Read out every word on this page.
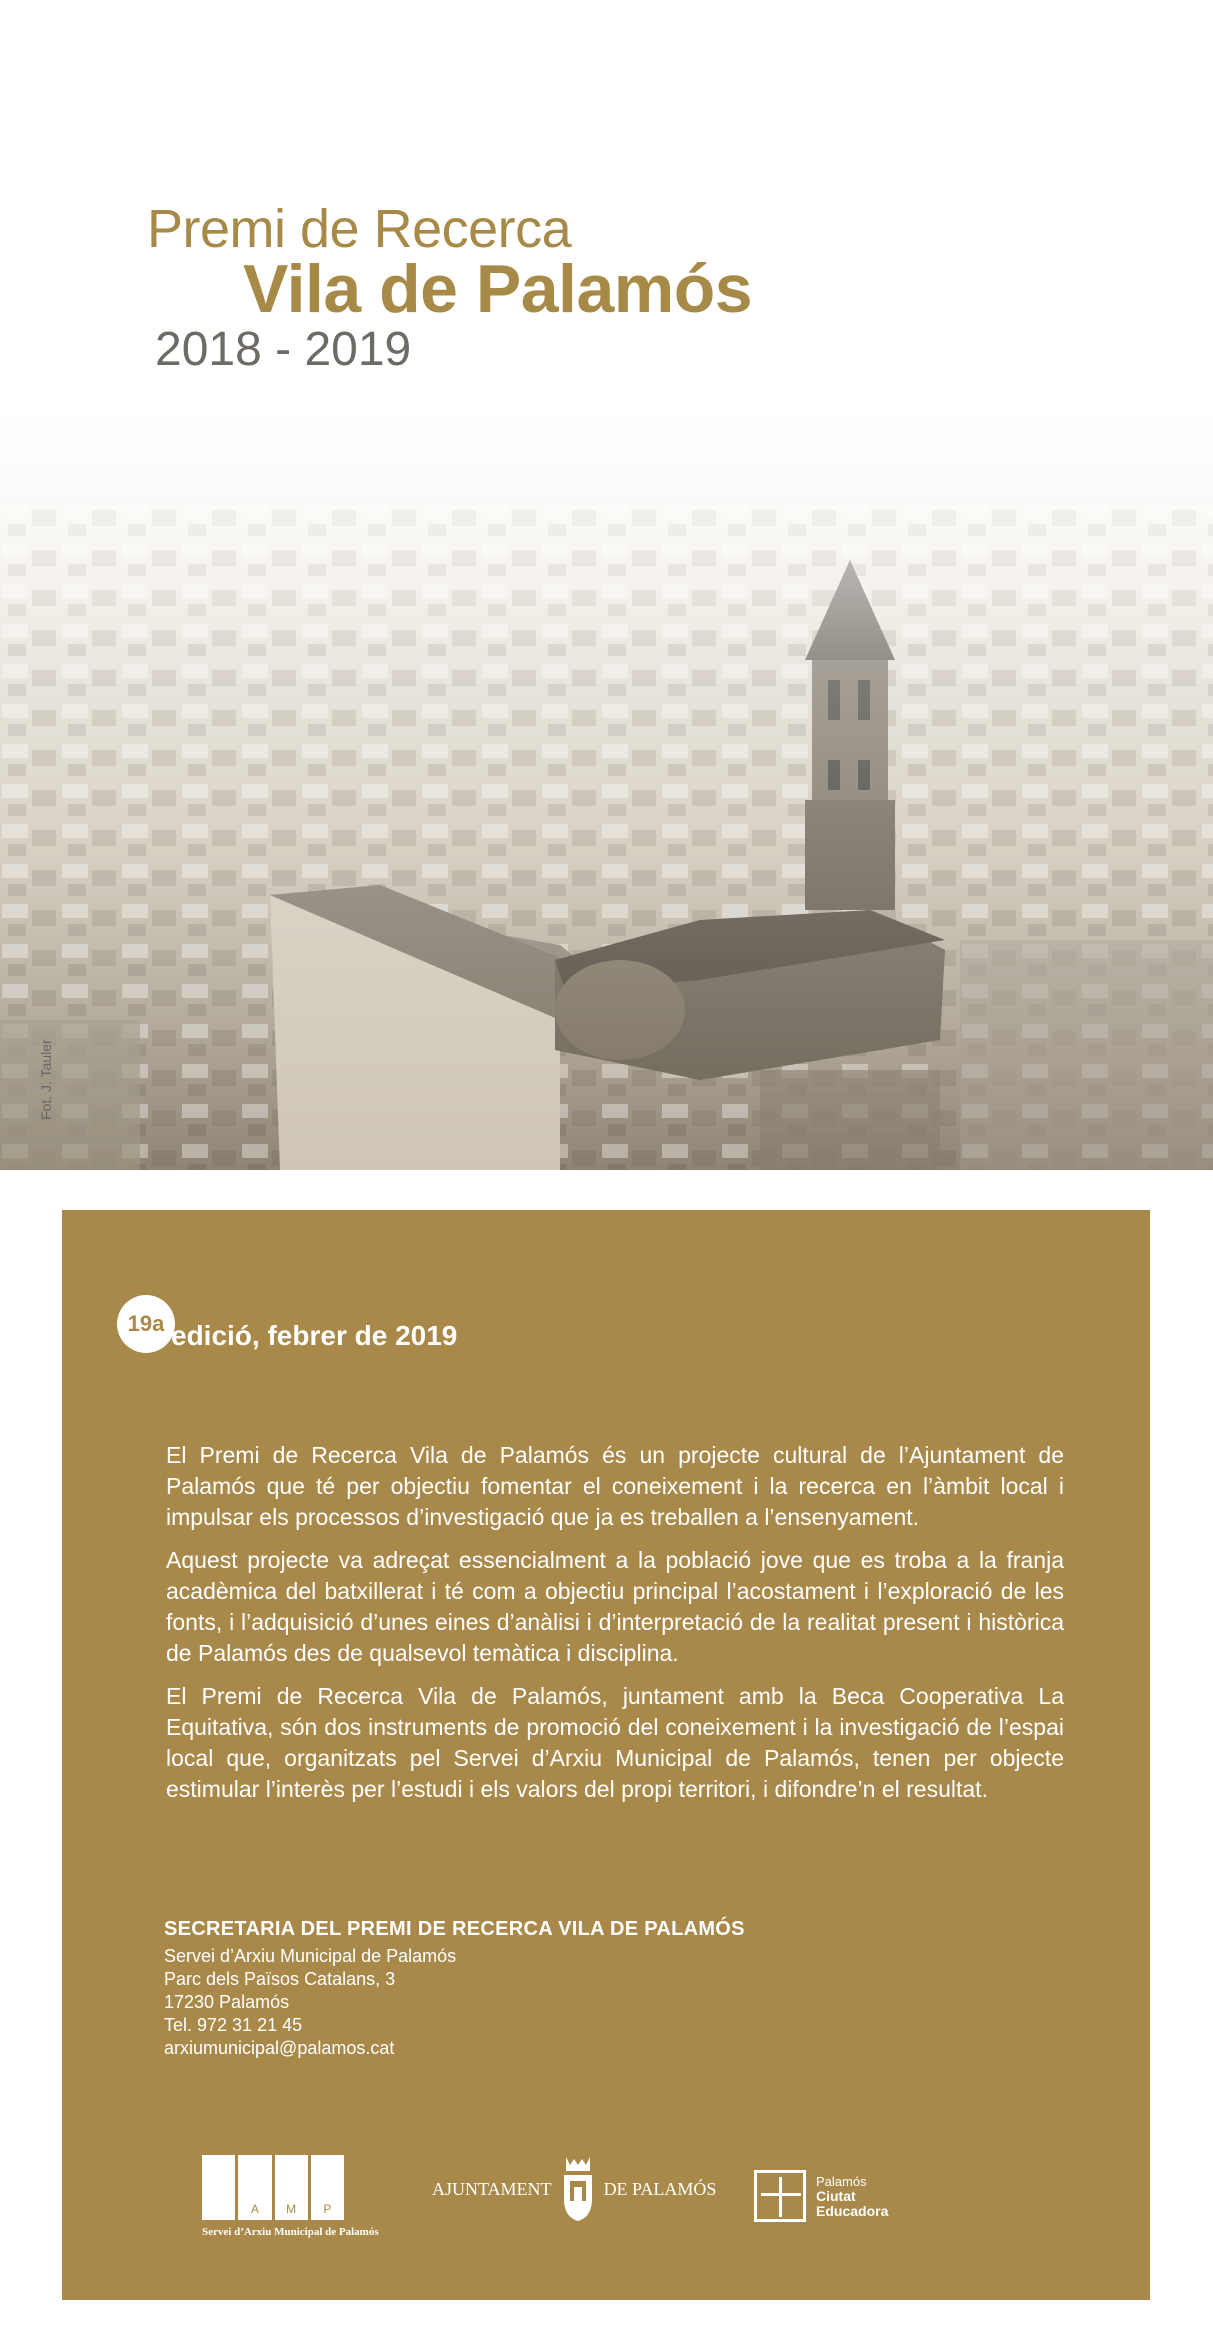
Premi de Recerca
Vila de Palamós
2018 - 2019
Fot. J. Tauler
19a edició, febrer de 2019

El Premi de Recerca Vila de Palamós és un projecte cultural de l’Ajuntament de Palamós que té per objectiu fomentar el coneixement i la recerca en l’àmbit local i impulsar els processos d’investigació que ja es treballen a l’ensenyament.

Aquest projecte va adreçat essencialment a la població jove que es troba a la franja acadèmica del batxillerat i té com a objectiu principal l’acostament i l’exploració de les fonts, i l’adquisició d’unes eines d’anàlisi i d’interpretació de la realitat present i històrica de Palamós des de qualsevol temàtica i disciplina.

El Premi de Recerca Vila de Palamós, juntament amb la Beca Cooperativa La Equitativa, són dos instruments de promoció del coneixement i la investigació de l’espai local que, organitzats pel Servei d’Arxiu Municipal de Palamós, tenen per objecte estimular l’interès per l’estudi i els valors del propi territori, i difondre’n el resultat.

SECRETARIA DEL PREMI DE RECERCA VILA DE PALAMÓS
Servei d’Arxiu Municipal de Palamós
Parc dels Països Catalans, 3
17230 Palamós
Tel. 972 31 21 45
arxiumunicipal@palamos.cat
A	M	P
Servei d’Arxiu Municipal de Palamós
AJUNTAMENT	DE PALAMÓS	Palamós
Ciutat
Educadora
